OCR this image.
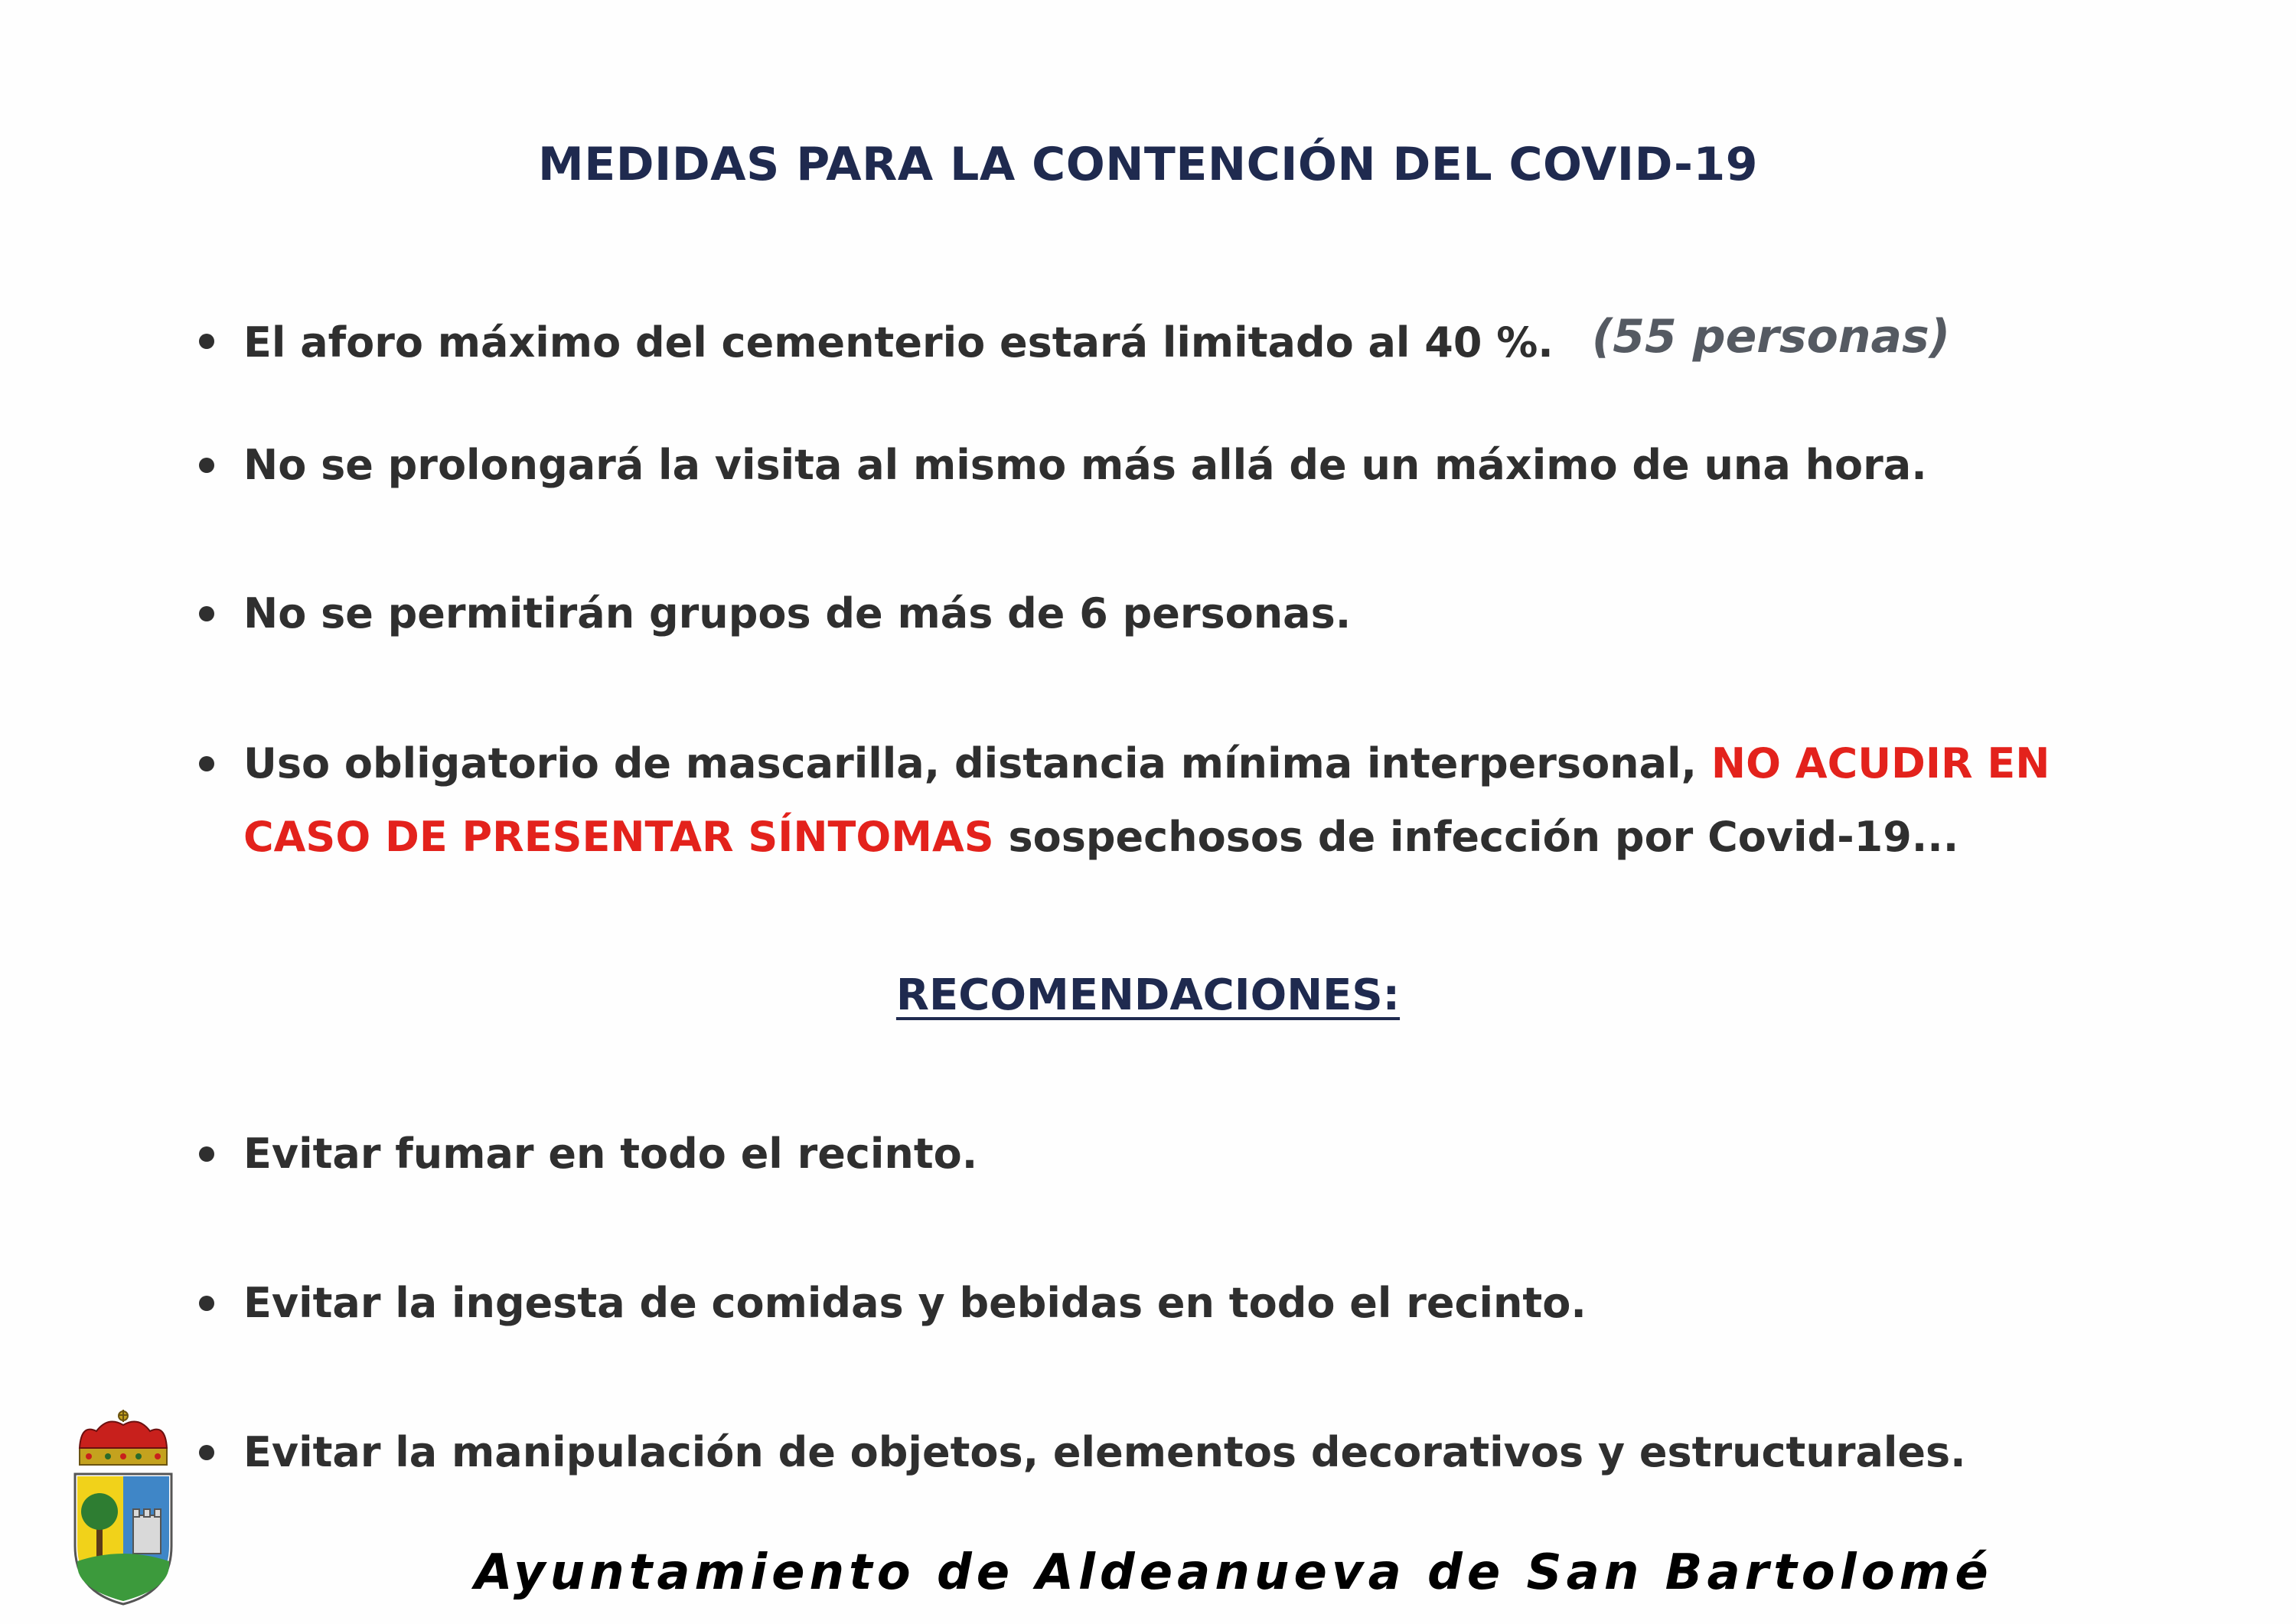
MEDIDAS PARA LA CONTENCIÓN DEL COVID-19
El aforo máximo del cementerio estará limitado al 40 %. (55 personas)
No se prolongará la visita al mismo más allá de un máximo de una hora.
No se permitirán grupos de más de 6 personas.
Uso obligatorio de mascarilla, distancia mínima interpersonal, NO ACUDIR EN CASO DE PRESENTAR SÍNTOMAS sospechosos de infección por Covid-19...
RECOMENDACIONES:
Evitar fumar en todo el recinto.
Evitar la ingesta de comidas y bebidas en todo el recinto.
Evitar la manipulación de objetos, elementos decorativos y estructurales.
Ayuntamiento de Aldeanueva de San Bartolomé
